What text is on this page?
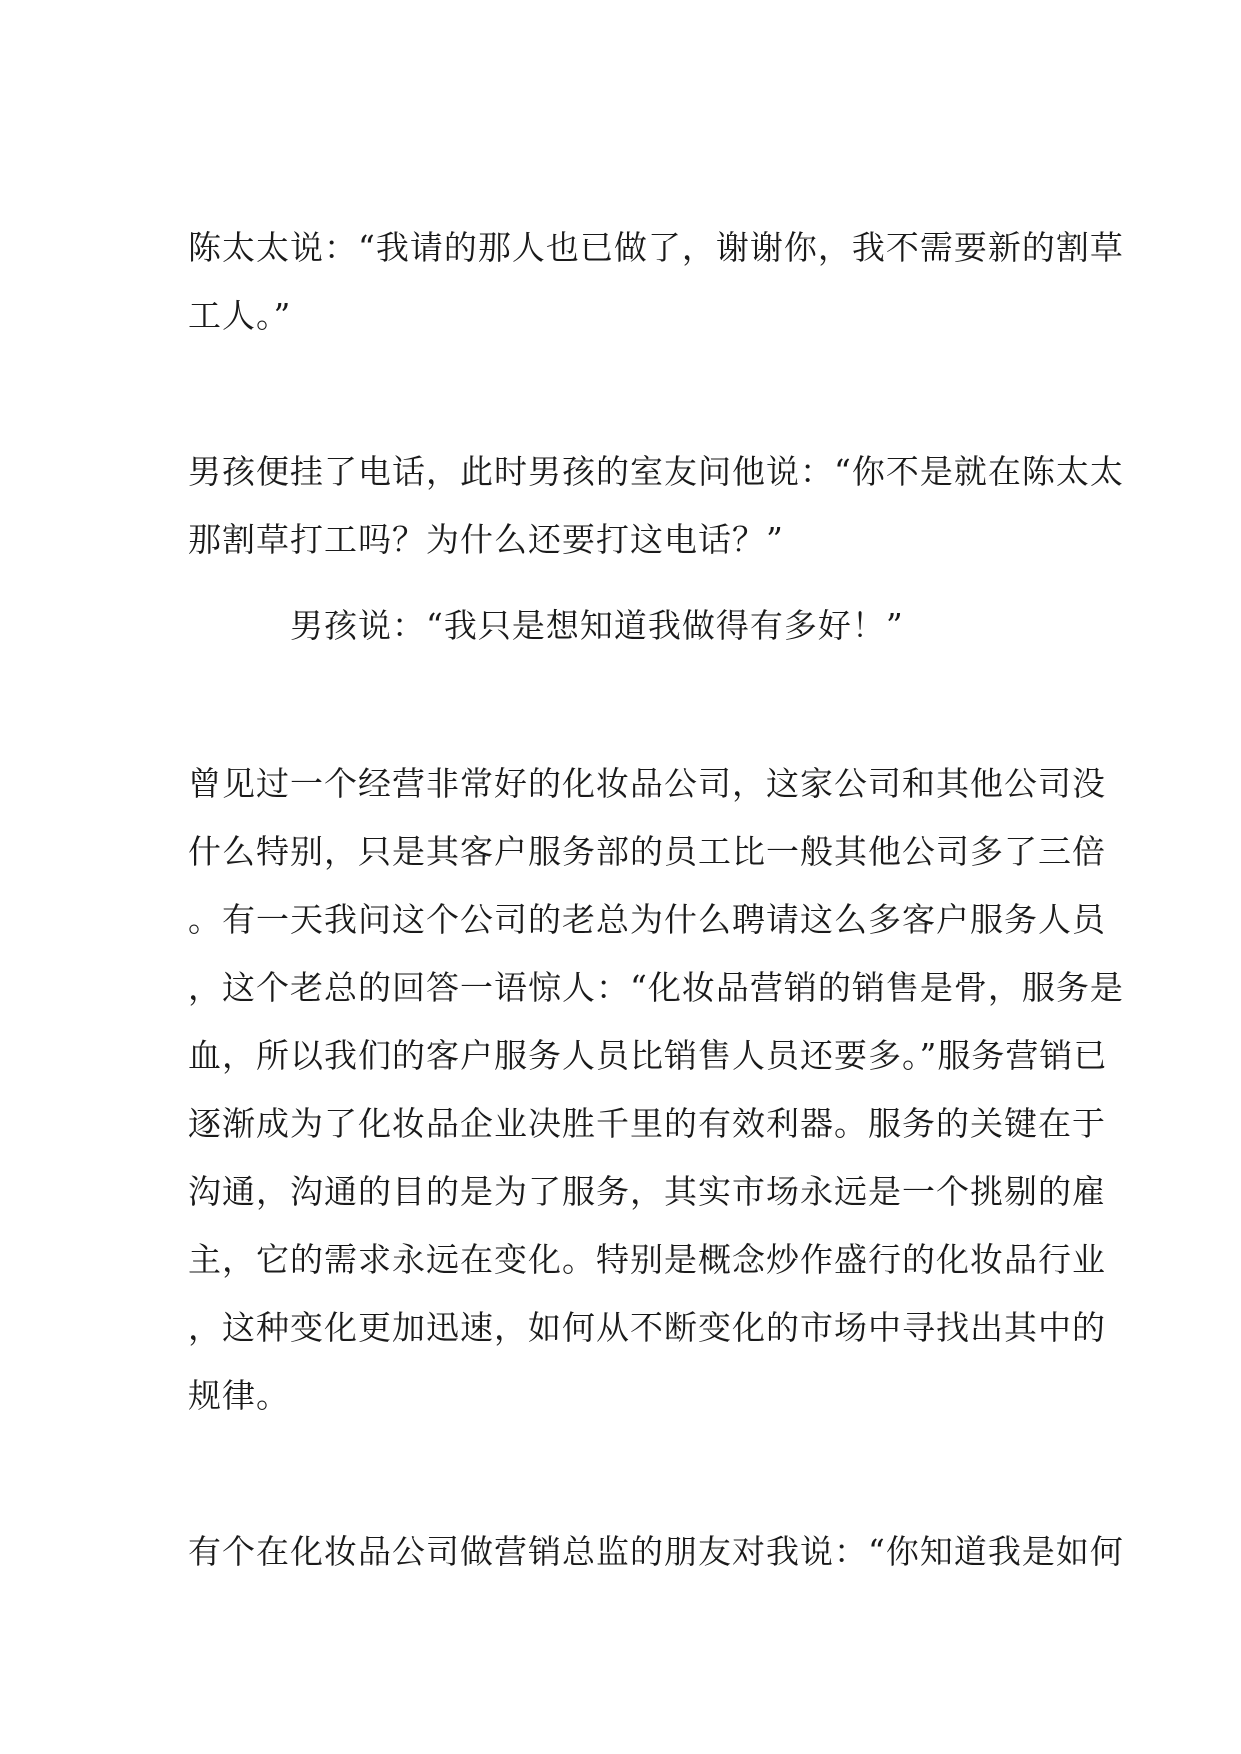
陈太太说：“我请的那人也已做了，谢谢你，我不需要新的割草
工人。”
男孩便挂了电话，此时男孩的室友问他说：“你不是就在陈太太
那割草打工吗？为什么还要打这电话？”
男孩说：“我只是想知道我做得有多好！”
曾见过一个经营非常好的化妆品公司，这家公司和其他公司没
什么特别，只是其客户服务部的员工比一般其他公司多了三倍
。有一天我问这个公司的老总为什么聘请这么多客户服务人员
，这个老总的回答一语惊人：“化妆品营销的销售是骨，服务是
血，所以我们的客户服务人员比销售人员还要多。”服务营销已
逐渐成为了化妆品企业决胜千里的有效利器。服务的关键在于
沟通，沟通的目的是为了服务，其实市场永远是一个挑剔的雇
主，它的需求永远在变化。特别是概念炒作盛行的化妆品行业
，这种变化更加迅速，如何从不断变化的市场中寻找出其中的
规律。
有个在化妆品公司做营销总监的朋友对我说：“你知道我是如何
